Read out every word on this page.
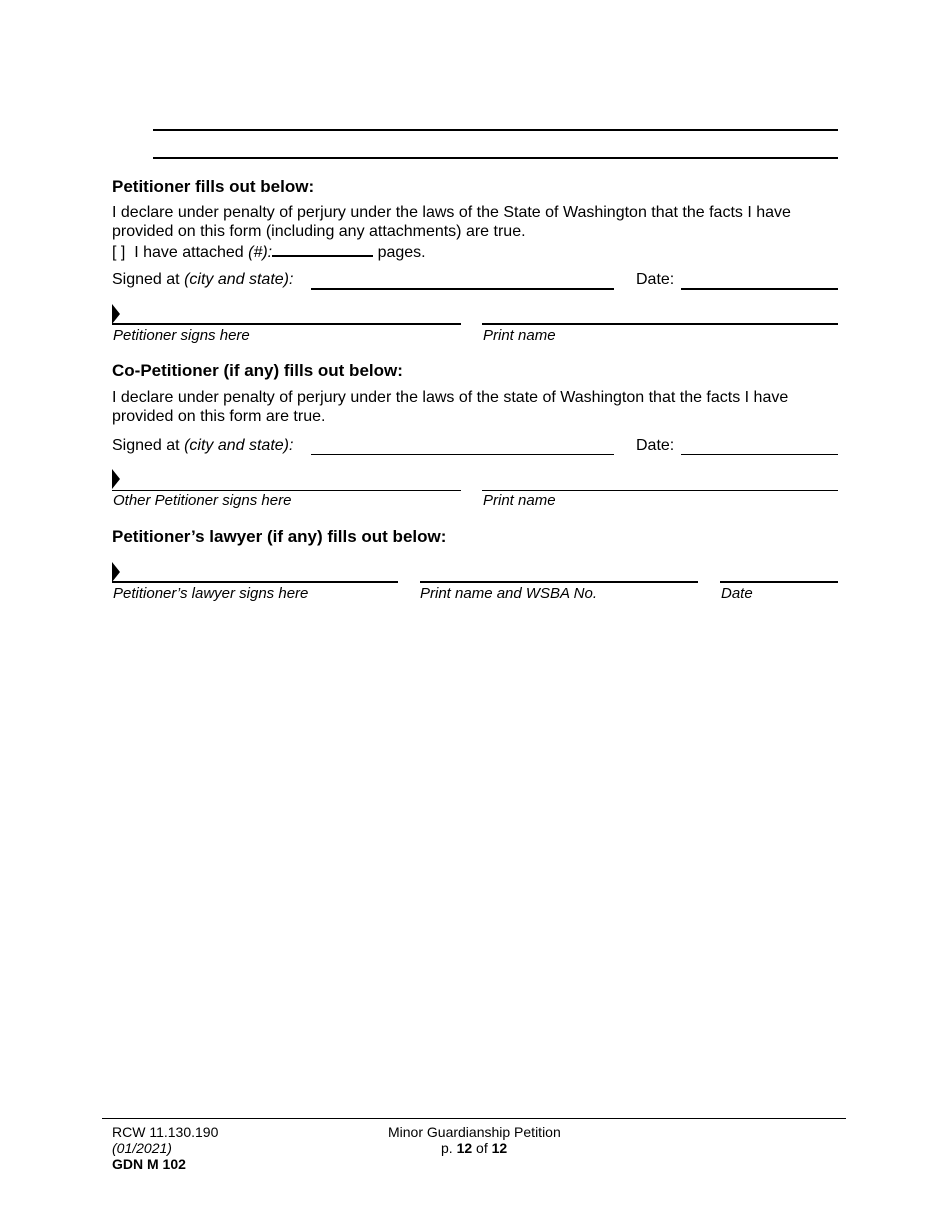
Petitioner fills out below:
I declare under penalty of perjury under the laws of the State of Washington that the facts I have provided on this form (including any attachments) are true.
[ ] I have attached (#):	pages.
Signed at (city and state):	Date:
Petitioner signs here	Print name
Co-Petitioner (if any) fills out below:
I declare under penalty of perjury under the laws of the state of Washington that the facts I have provided on this form are true.
Signed at (city and state):	Date:
Other Petitioner signs here	Print name
Petitioner’s lawyer (if any) fills out below:
Petitioner’s lawyer signs here	Print name and WSBA No.	Date
RCW 11.130.190
(01/2021)
GDN M 102
Minor Guardianship Petition
p. 12 of 12
